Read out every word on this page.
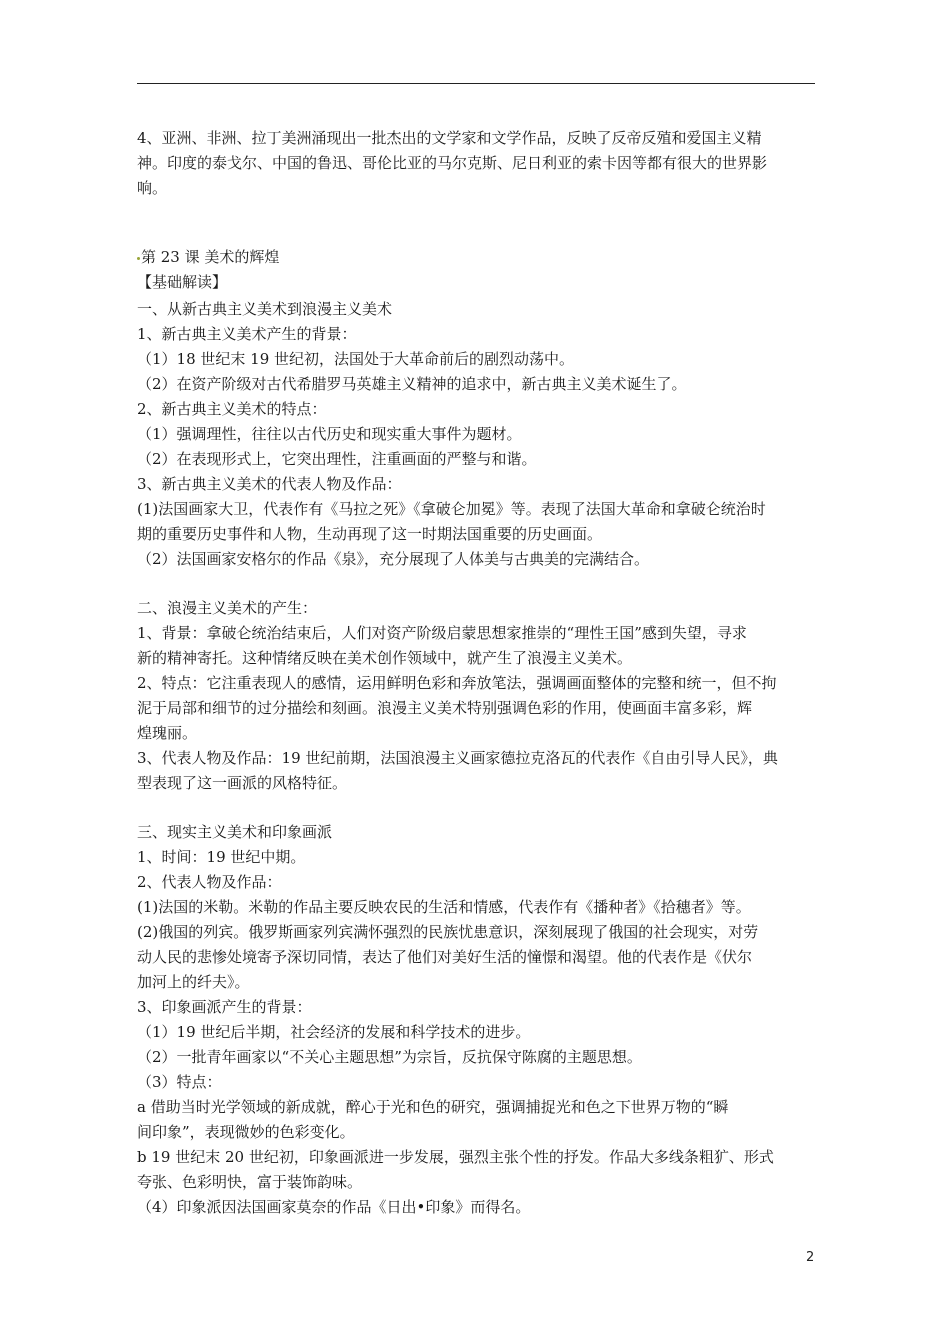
4、亚洲、非洲、拉丁美洲涌现出一批杰出的文学家和文学作品，反映了反帝反殖和爱国主义精

神。印度的泰戈尔、中国的鲁迅、哥伦比亚的马尔克斯、尼日利亚的索卡因等都有很大的世界影

响。

第 23 课 美术的辉煌

【基础解读】

一、从新古典主义美术到浪漫主义美术

1、新古典主义美术产生的背景：

（1）18 世纪末 19 世纪初，法国处于大革命前后的剧烈动荡中。

（2）在资产阶级对古代希腊罗马英雄主义精神的追求中，新古典主义美术诞生了。

2、新古典主义美术的特点：

（1）强调理性，往往以古代历史和现实重大事件为题材。

（2）在表现形式上，它突出理性，注重画面的严整与和谐。

3、新古典主义美术的代表人物及作品：

(1)法国画家大卫，代表作有《马拉之死》《拿破仑加冕》等。表现了法国大革命和拿破仑统治时

期的重要历史事件和人物，生动再现了这一时期法国重要的历史画面。

（2）法国画家安格尔的作品《泉》，充分展现了人体美与古典美的完满结合。

二、浪漫主义美术的产生：

1、背景：拿破仑统治结束后，人们对资产阶级启蒙思想家推崇的“理性王国”感到失望，寻求

新的精神寄托。这种情绪反映在美术创作领域中，就产生了浪漫主义美术。

2、特点：它注重表现人的感情，运用鲜明色彩和奔放笔法，强调画面整体的完整和统一，但不拘

泥于局部和细节的过分描绘和刻画。浪漫主义美术特别强调色彩的作用，使画面丰富多彩，辉

煌瑰丽。

3、代表人物及作品：19 世纪前期，法国浪漫主义画家德拉克洛瓦的代表作《自由引导人民》，典

型表现了这一画派的风格特征。

三、现实主义美术和印象画派

1、时间：19 世纪中期。

2、代表人物及作品：

(1)法国的米勒。米勒的作品主要反映农民的生活和情感，代表作有《播种者》《拾穗者》等。

(2)俄国的列宾。俄罗斯画家列宾满怀强烈的民族忧患意识，深刻展现了俄国的社会现实，对劳

动人民的悲惨处境寄予深切同情，表达了他们对美好生活的憧憬和渴望。他的代表作是《伏尔

加河上的纤夫》。

3、印象画派产生的背景：

（1）19 世纪后半期，社会经济的发展和科学技术的进步。

（2）一批青年画家以“不关心主题思想”为宗旨，反抗保守陈腐的主题思想。

（3）特点：

a 借助当时光学领域的新成就，醉心于光和色的研究，强调捕捉光和色之下世界万物的“瞬

间印象”，表现微妙的色彩变化。

b 19 世纪末 20 世纪初，印象画派进一步发展，强烈主张个性的抒发。作品大多线条粗犷、形式

夸张、色彩明快，富于装饰韵味。

（4）印象派因法国画家莫奈的作品《日出•印象》而得名。

2
